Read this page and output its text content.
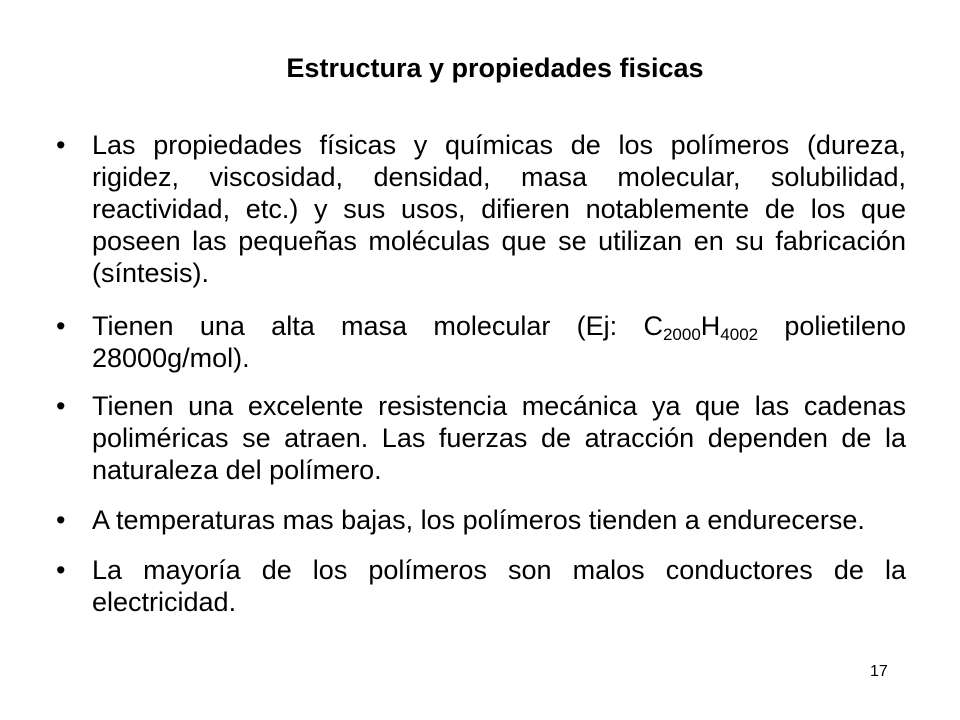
Estructura y propiedades fisicas
• Las propiedades físicas y químicas de los polímeros (dureza, rigidez, viscosidad, densidad, masa molecular, solubilidad, reactividad, etc.) y sus usos, difieren notablemente de los que poseen las pequeñas moléculas que se utilizan en su fabricación (síntesis).
• Tienen una alta masa molecular (Ej: C2000H4002 polietileno 28000g/mol).
• Tienen una excelente resistencia mecánica ya que las cadenas poliméricas se atraen. Las fuerzas de atracción dependen de la naturaleza del polímero.
• A temperaturas mas bajas, los polímeros tienden a endurecerse.
• La mayoría de los polímeros son malos conductores de la electricidad.
17
